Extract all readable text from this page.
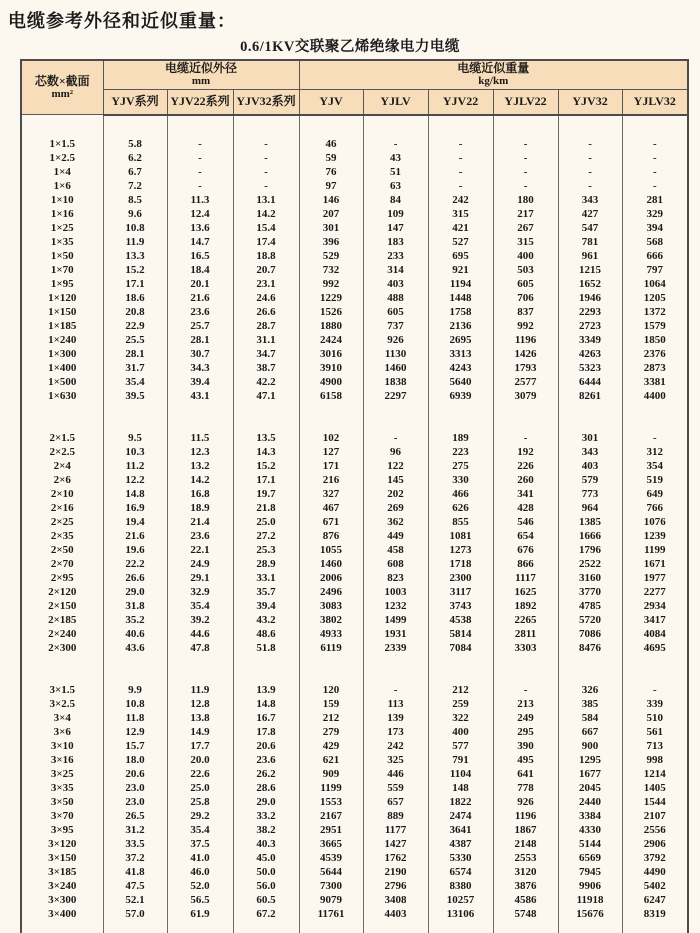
电缆参考外径和近似重量：
0.6/1KV交联聚乙烯绝缘电力电缆
芯数×截面
mm²	电缆近似外径
mm			电缆近似重量
kg/km					

	YJV系列	YJV22系列	YJV32系列	YJV	YJLV	YJV22	YJLV22	YJV32	YJLV32

1×1.5	5.8	-	-	46	-	-	-	-	-
1×2.5	6.2	-	-	59	43	-	-	-	-
1×4	6.7	-	-	76	51	-	-	-	-
1×6	7.2	-	-	97	63	-	-	-	-
1×10	8.5	11.3	13.1	146	84	242	180	343	281
1×16	9.6	12.4	14.2	207	109	315	217	427	329
1×25	10.8	13.6	15.4	301	147	421	267	547	394
1×35	11.9	14.7	17.4	396	183	527	315	781	568
1×50	13.3	16.5	18.8	529	233	695	400	961	666
1×70	15.2	18.4	20.7	732	314	921	503	1215	797
1×95	17.1	20.1	23.1	992	403	1194	605	1652	1064
1×120	18.6	21.6	24.6	1229	488	1448	706	1946	1205
1×150	20.8	23.6	26.6	1526	605	1758	837	2293	1372
1×185	22.9	25.7	28.7	1880	737	2136	992	2723	1579
1×240	25.5	28.1	31.1	2424	926	2695	1196	3349	1850
1×300	28.1	30.7	34.7	3016	1130	3313	1426	4263	2376
1×400	31.7	34.3	38.7	3910	1460	4243	1793	5323	2873
1×500	35.4	39.4	42.2	4900	1838	5640	2577	6444	3381
1×630	39.5	43.1	47.1	6158	2297	6939	3079	8261	4400

2×1.5	9.5	11.5	13.5	102	-	189	-	301	-
2×2.5	10.3	12.3	14.3	127	96	223	192	343	312
2×4	11.2	13.2	15.2	171	122	275	226	403	354
2×6	12.2	14.2	17.1	216	145	330	260	579	519
2×10	14.8	16.8	19.7	327	202	466	341	773	649
2×16	16.9	18.9	21.8	467	269	626	428	964	766
2×25	19.4	21.4	25.0	671	362	855	546	1385	1076
2×35	21.6	23.6	27.2	876	449	1081	654	1666	1239
2×50	19.6	22.1	25.3	1055	458	1273	676	1796	1199
2×70	22.2	24.9	28.9	1460	608	1718	866	2522	1671
2×95	26.6	29.1	33.1	2006	823	2300	1117	3160	1977
2×120	29.0	32.9	35.7	2496	1003	3117	1625	3770	2277
2×150	31.8	35.4	39.4	3083	1232	3743	1892	4785	2934
2×185	35.2	39.2	43.2	3802	1499	4538	2265	5720	3417
2×240	40.6	44.6	48.6	4933	1931	5814	2811	7086	4084
2×300	43.6	47.8	51.8	6119	2339	7084	3303	8476	4695

3×1.5	9.9	11.9	13.9	120	-	212	-	326	-
3×2.5	10.8	12.8	14.8	159	113	259	213	385	339
3×4	11.8	13.8	16.7	212	139	322	249	584	510
3×6	12.9	14.9	17.8	279	173	400	295	667	561
3×10	15.7	17.7	20.6	429	242	577	390	900	713
3×16	18.0	20.0	23.6	621	325	791	495	1295	998
3×25	20.6	22.6	26.2	909	446	1104	641	1677	1214
3×35	23.0	25.0	28.6	1199	559	148	778	2045	1405
3×50	23.0	25.8	29.0	1553	657	1822	926	2440	1544
3×70	26.5	29.2	33.2	2167	889	2474	1196	3384	2107
3×95	31.2	35.4	38.2	2951	1177	3641	1867	4330	2556
3×120	33.5	37.5	40.3	3665	1427	4387	2148	5144	2906
3×150	37.2	41.0	45.0	4539	1762	5330	2553	6569	3792
3×185	41.8	46.0	50.0	5644	2190	6574	3120	7945	4490
3×240	47.5	52.0	56.0	7300	2796	8380	3876	9906	5402
3×300	52.1	56.5	60.5	9079	3408	10257	4586	11918	6247
3×400	57.0	61.9	67.2	11761	4403	13106	5748	15676	8319
